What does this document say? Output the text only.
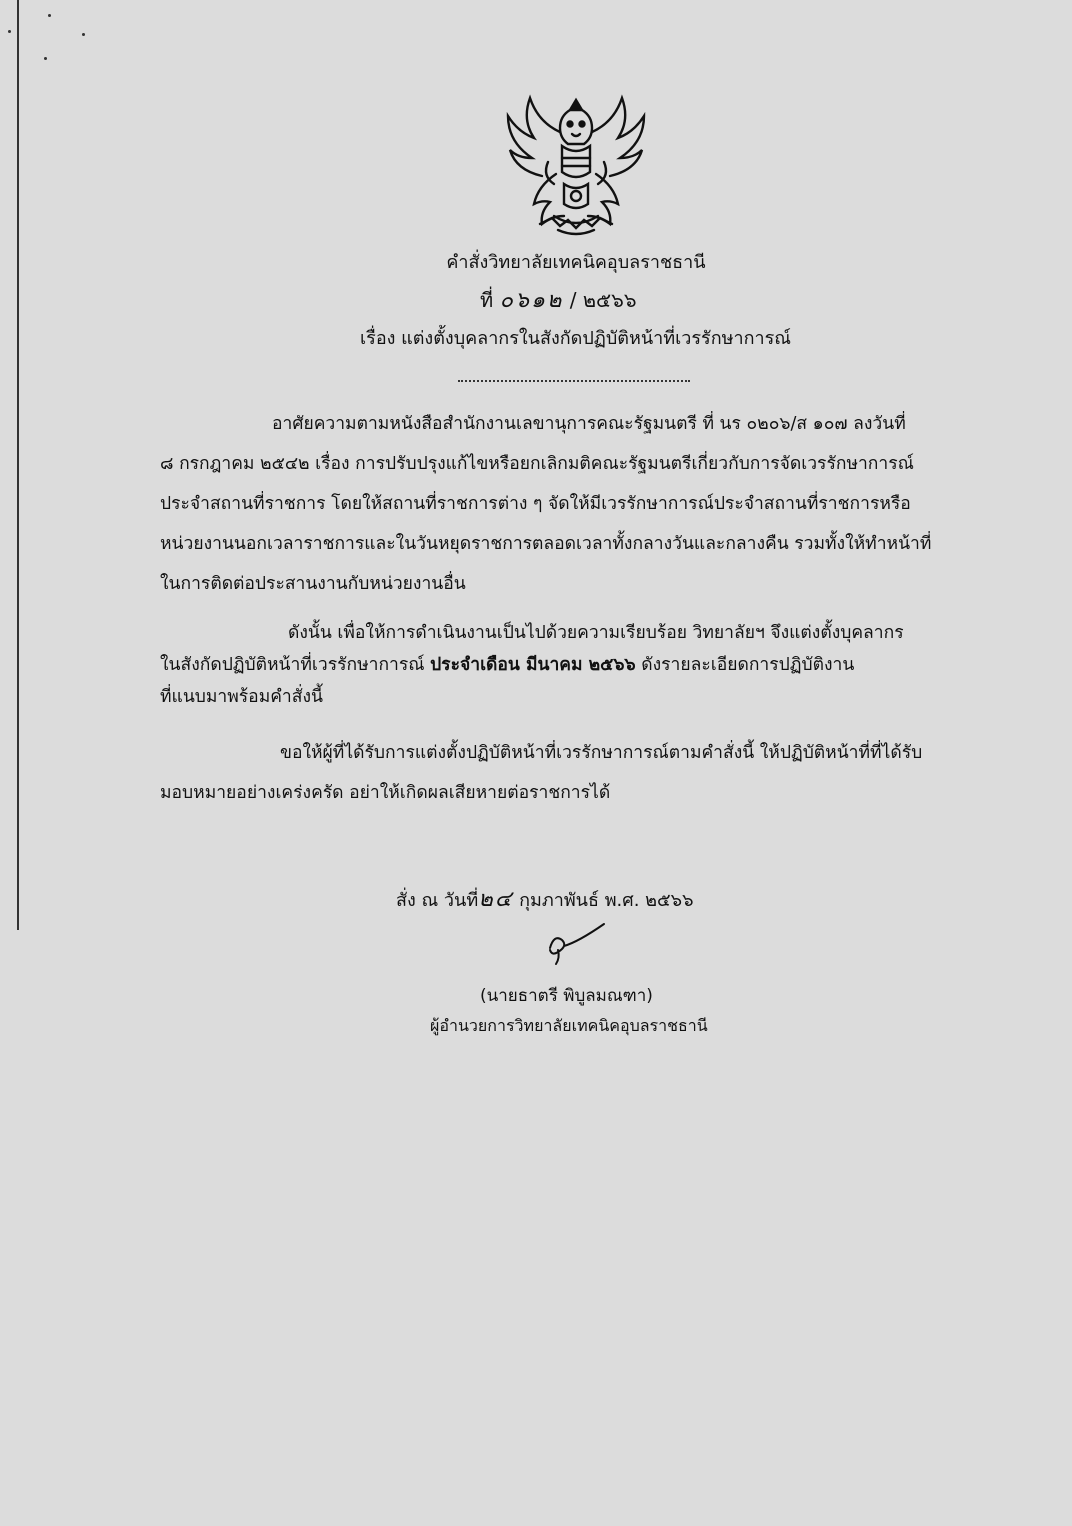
คำสั่งวิทยาลัยเทคนิคอุบลราชธานี
ที่ ๐๖๑๒ / ๒๕๖๖
เรื่อง แต่งตั้งบุคลากรในสังกัดปฏิบัติหน้าที่เวรรักษาการณ์

อาศัยความตามหนังสือสำนักงานเลขานุการคณะรัฐมนตรี ที่ นร ๐๒๐๖/ส ๑๐๗ ลงวันที่

๘ กรกฎาคม ๒๕๔๒ เรื่อง การปรับปรุงแก้ไขหรือยกเลิกมติคณะรัฐมนตรีเกี่ยวกับการจัดเวรรักษาการณ์

ประจำสถานที่ราชการ โดยให้สถานที่ราชการต่าง ๆ จัดให้มีเวรรักษาการณ์ประจำสถานที่ราชการหรือ

หน่วยงานนอกเวลาราชการและในวันหยุดราชการตลอดเวลาทั้งกลางวันและกลางคืน รวมทั้งให้ทำหน้าที่

ในการติดต่อประสานงานกับหน่วยงานอื่น

ดังนั้น เพื่อให้การดำเนินงานเป็นไปด้วยความเรียบร้อย วิทยาลัยฯ จึงแต่งตั้งบุคลากร

ในสังกัดปฏิบัติหน้าที่เวรรักษาการณ์ ประจำเดือน มีนาคม ๒๕๖๖ ดังรายละเอียดการปฏิบัติงาน

ที่แนบมาพร้อมคำสั่งนี้

ขอให้ผู้ที่ได้รับการแต่งตั้งปฏิบัติหน้าที่เวรรักษาการณ์ตามคำสั่งนี้ ให้ปฏิบัติหน้าที่ที่ได้รับ

มอบหมายอย่างเคร่งครัด อย่าให้เกิดผลเสียหายต่อราชการได้

สั่ง ณ วันที่๒๔ กุมภาพันธ์ พ.ศ. ๒๕๖๖
(นายธาตรี พิบูลมณฑา)
ผู้อำนวยการวิทยาลัยเทคนิคอุบลราชธานี
